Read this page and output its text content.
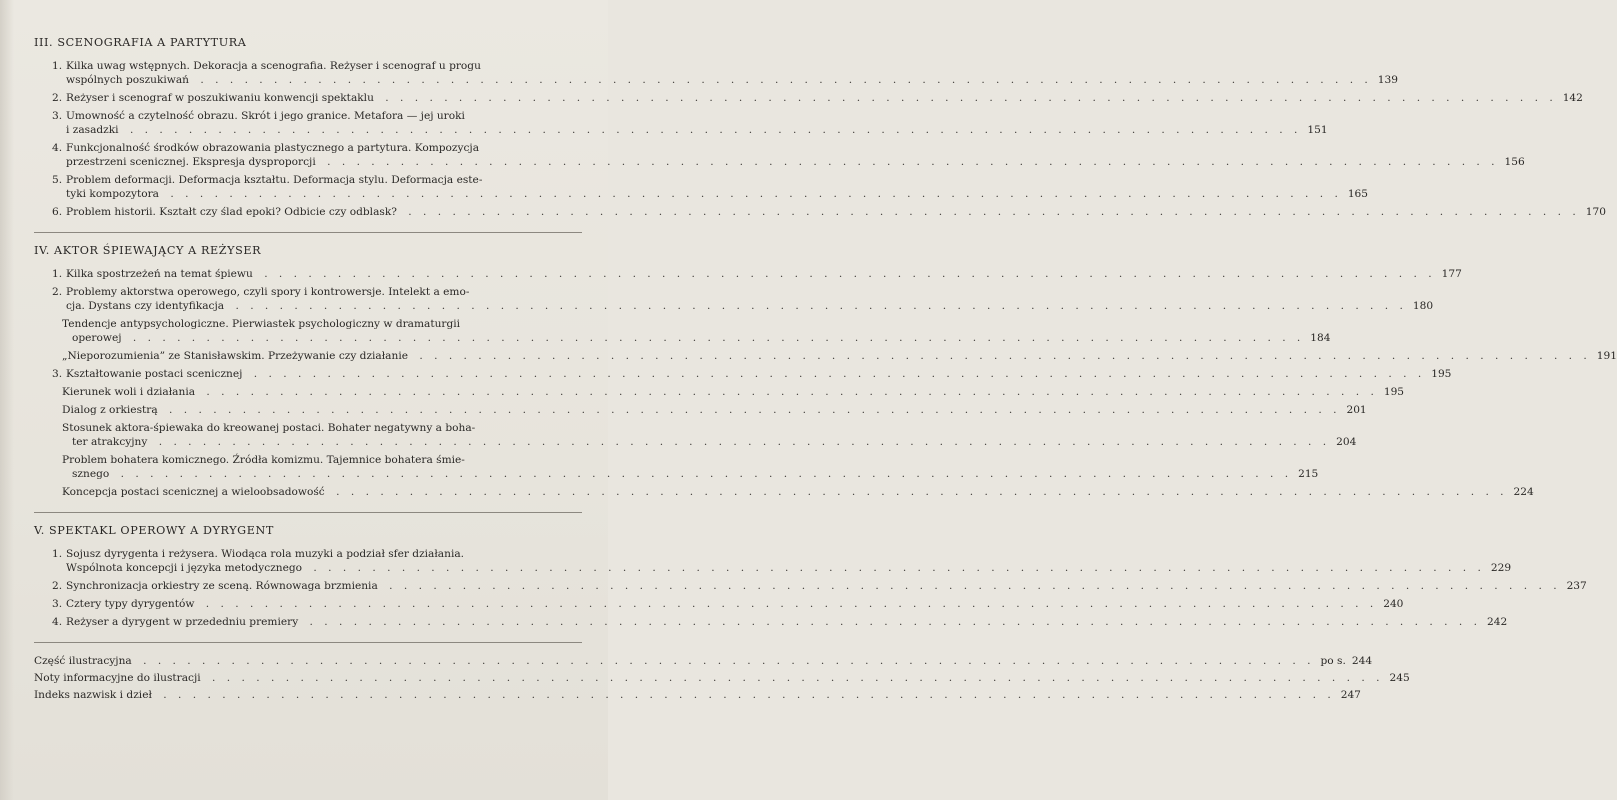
III. SCENOGRAFIA A PARTYTURA
1. Kilka uwag wstępnych. Dekoracja a scenografia. Reżyser i scenograf u progu
wspólnych poszukiwań . . . . . . . . . . . . . . . . . . . . . . . . . . . . . . . . . . . . . . . . . . . . . . . . . . . . . . . . . . . . . . . . . . . . . . . . . . . . . . . . 139
2. Reżyser i scenograf w poszukiwaniu konwencji spektaklu . . . . . . . . . . . . . . . . . . . . . . . . . . . . . . . . . . . . . . . . . . . . . . . . . . . . . . . . . . . . . . . . . . . . . . . . . . . . . . . . 142
3. Umowność a czytelność obrazu. Skrót i jego granice. Metafora — jej uroki
i zasadzki . . . . . . . . . . . . . . . . . . . . . . . . . . . . . . . . . . . . . . . . . . . . . . . . . . . . . . . . . . . . . . . . . . . . . . . . . . . . . . . . 151
4. Funkcjonalność środków obrazowania plastycznego a partytura. Kompozycja
przestrzeni scenicznej. Ekspresja dysproporcji . . . . . . . . . . . . . . . . . . . . . . . . . . . . . . . . . . . . . . . . . . . . . . . . . . . . . . . . . . . . . . . . . . . . . . . . . . . . . . . . 156
5. Problem deformacji. Deformacja kształtu. Deformacja stylu. Deformacja este-
tyki kompozytora . . . . . . . . . . . . . . . . . . . . . . . . . . . . . . . . . . . . . . . . . . . . . . . . . . . . . . . . . . . . . . . . . . . . . . . . . . . . . . . . 165
6. Problem historii. Kształt czy ślad epoki? Odbicie czy odblask? . . . . . . . . . . . . . . . . . . . . . . . . . . . . . . . . . . . . . . . . . . . . . . . . . . . . . . . . . . . . . . . . . . . . . . . . . . . . . . . . 170
IV. AKTOR ŚPIEWAJĄCY A REŻYSER
1. Kilka spostrzeżeń na temat śpiewu . . . . . . . . . . . . . . . . . . . . . . . . . . . . . . . . . . . . . . . . . . . . . . . . . . . . . . . . . . . . . . . . . . . . . . . . . . . . . . . . 177
2. Problemy aktorstwa operowego, czyli spory i kontrowersje. Intelekt a emo-
cja. Dystans czy identyfikacja . . . . . . . . . . . . . . . . . . . . . . . . . . . . . . . . . . . . . . . . . . . . . . . . . . . . . . . . . . . . . . . . . . . . . . . . . . . . . . . . 180
Tendencje antypsychologiczne. Pierwiastek psychologiczny w dramaturgii
operowej . . . . . . . . . . . . . . . . . . . . . . . . . . . . . . . . . . . . . . . . . . . . . . . . . . . . . . . . . . . . . . . . . . . . . . . . . . . . . . . . 184
„Nieporozumienia” ze Stanisławskim. Przeżywanie czy działanie . . . . . . . . . . . . . . . . . . . . . . . . . . . . . . . . . . . . . . . . . . . . . . . . . . . . . . . . . . . . . . . . . . . . . . . . . . . . . . . . 191
3. Kształtowanie postaci scenicznej . . . . . . . . . . . . . . . . . . . . . . . . . . . . . . . . . . . . . . . . . . . . . . . . . . . . . . . . . . . . . . . . . . . . . . . . . . . . . . . . 195
Kierunek woli i działania . . . . . . . . . . . . . . . . . . . . . . . . . . . . . . . . . . . . . . . . . . . . . . . . . . . . . . . . . . . . . . . . . . . . . . . . . . . . . . . . 195
Dialog z orkiestrą . . . . . . . . . . . . . . . . . . . . . . . . . . . . . . . . . . . . . . . . . . . . . . . . . . . . . . . . . . . . . . . . . . . . . . . . . . . . . . . . 201
Stosunek aktora-śpiewaka do kreowanej postaci. Bohater negatywny a boha-
ter atrakcyjny . . . . . . . . . . . . . . . . . . . . . . . . . . . . . . . . . . . . . . . . . . . . . . . . . . . . . . . . . . . . . . . . . . . . . . . . . . . . . . . . 204
Problem bohatera komicznego. Źródła komizmu. Tajemnice bohatera śmie-
sznego . . . . . . . . . . . . . . . . . . . . . . . . . . . . . . . . . . . . . . . . . . . . . . . . . . . . . . . . . . . . . . . . . . . . . . . . . . . . . . . . 215
Koncepcja postaci scenicznej a wieloobsadowość . . . . . . . . . . . . . . . . . . . . . . . . . . . . . . . . . . . . . . . . . . . . . . . . . . . . . . . . . . . . . . . . . . . . . . . . . . . . . . . . 224
V. SPEKTAKL OPEROWY A DYRYGENT
1. Sojusz dyrygenta i reżysera. Wiodąca rola muzyki a podział sfer działania.
Wspólnota koncepcji i języka metodycznego . . . . . . . . . . . . . . . . . . . . . . . . . . . . . . . . . . . . . . . . . . . . . . . . . . . . . . . . . . . . . . . . . . . . . . . . . . . . . . . . 229
2. Synchronizacja orkiestry ze sceną. Równowaga brzmienia . . . . . . . . . . . . . . . . . . . . . . . . . . . . . . . . . . . . . . . . . . . . . . . . . . . . . . . . . . . . . . . . . . . . . . . . . . . . . . . . 237
3. Cztery typy dyrygentów . . . . . . . . . . . . . . . . . . . . . . . . . . . . . . . . . . . . . . . . . . . . . . . . . . . . . . . . . . . . . . . . . . . . . . . . . . . . . . . . 240
4. Reżyser a dyrygent w przededniu premiery . . . . . . . . . . . . . . . . . . . . . . . . . . . . . . . . . . . . . . . . . . . . . . . . . . . . . . . . . . . . . . . . . . . . . . . . . . . . . . . . 242
Część ilustracyjna . . . . . . . . . . . . . . . . . . . . . . . . . . . . . . . . . . . . . . . . . . . . . . . . . . . . . . . . . . . . . . . . . . . . . . . . . . . . . . . . po s. 244
Noty informacyjne do ilustracji . . . . . . . . . . . . . . . . . . . . . . . . . . . . . . . . . . . . . . . . . . . . . . . . . . . . . . . . . . . . . . . . . . . . . . . . . . . . . . . . 245
Indeks nazwisk i dzieł . . . . . . . . . . . . . . . . . . . . . . . . . . . . . . . . . . . . . . . . . . . . . . . . . . . . . . . . . . . . . . . . . . . . . . . . . . . . . . . . 247
